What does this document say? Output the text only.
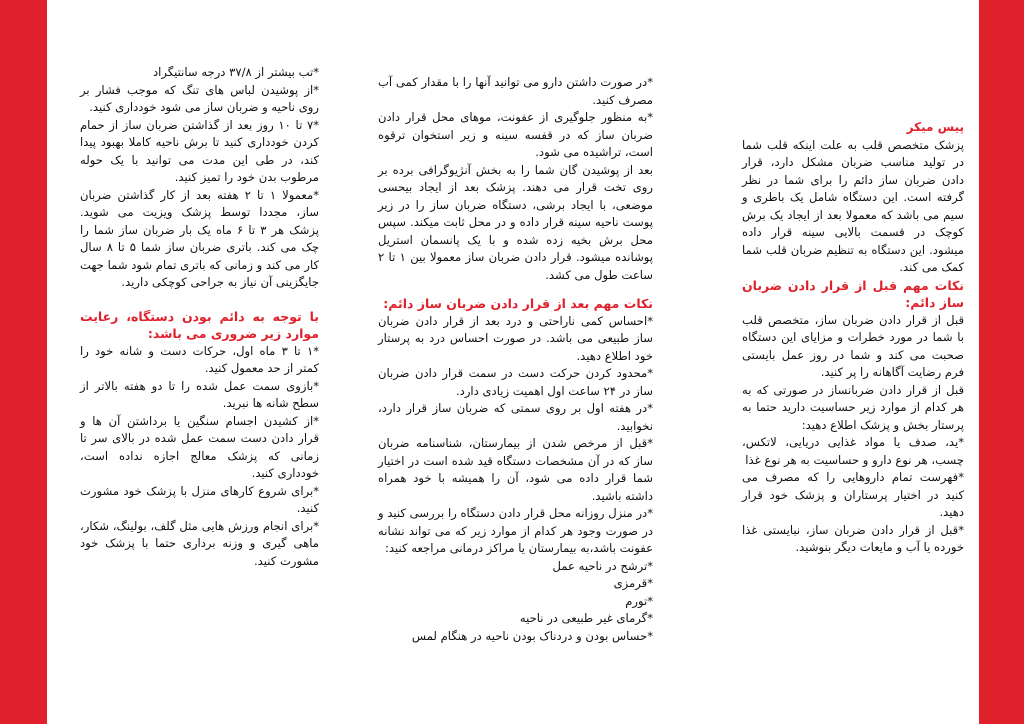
پیس میکر

پزشک متخصص قلب به علت اینکه قلب شما در تولید مناسب ضربان مشکل دارد، قرار دادن ضربان ساز دائم را برای شما در نظر گرفته است. این دستگاه شامل یک باطری و سیم می باشد که معمولا بعد از ایجاد یک برش کوچک در قسمت بالایی سینه قرار داده میشود. این دستگاه به تنظیم ضربان قلب شما کمک می کند.

نکات مهم قبل از قرار دادن ضربان ساز دائم:

قبل از قرار دادن ضربان ساز، متخصص قلب با شما در مورد خطرات و مزایای این دستگاه صحبت می کند و شما در روز عمل بایستی فرم رضایت آگاهانه را پر کنید.

قبل از قرار دادن ضربانساز در صورتی که به هر کدام از موارد زیر حساسیت دارید حتما به پرستار بخش و پزشک اطلاع دهید:

*ید، صدف یا مواد غذایی دریایی، لاتکس، چسب، هر نوع دارو و حساسیت به هر نوع غذا

*فهرست تمام داروهایی را که مصرف می کنید در اختیار پرستاران و پزشک خود قرار دهید.

*قبل از قرار دادن ضربان ساز، نبایستی غذا خورده یا آب و مایعات دیگر بنوشید.

*در صورت داشتن دارو می توانید آنها را با مقدار کمی آب مصرف کنید.

*به منظور جلوگیری از عفونت، موهای محل قرار دادن ضربان ساز که در قفسه سینه و زیر استخوان ترقوه است، تراشیده می شود.

بعد از پوشیدن گان شما را به بخش آنژیوگرافی برده بر روی تخت قرار می دهند. پزشک بعد از ایجاد بیحسی موضعی، با ایجاد برشی، دستگاه ضربان ساز را در زیر پوست ناحیه سینه قرار داده و در محل ثابت میکند. سپس محل برش بخیه زده شده و با یک پانسمان استریل پوشانده میشود. قرار دادن ضربان ساز معمولا بین ۱ تا ۲ ساعت طول می کشد.

نکات مهم بعد از قرار دادن ضربان ساز دائم:

*احساس کمی ناراحتی و درد بعد از قرار دادن ضربان ساز طبیعی می باشد. در صورت احساس درد به پرستار خود اطلاع دهید.

*محدود کردن حرکت دست در سمت قرار دادن ضربان ساز در ۲۴ ساعت اول اهمیت زیادی دارد.

*در هفته اول بر روی سمتی که ضربان ساز قرار دارد، نخوابید.

*قبل از مرخص شدن از بیمارستان، شناسنامه ضربان ساز که در آن مشخصات دستگاه قید شده است در اختیار شما قرار داده می شود، آن را همیشه با خود همراه داشته باشید.

*در منزل روزانه محل قرار دادن دستگاه را بررسی کنید و در صورت وجود هر کدام از موارد زیر که می تواند نشانه عفونت باشد،به بیمارستان یا مراکز درمانی مراجعه کنید:

*ترشح در ناحیه عمل

*قرمزی

*تورم

*گرمای غیر طبیعی در ناحیه

*حساس بودن و دردناک بودن ناحیه در هنگام لمس

*تب بیشتر از ۳۷/۸ درجه سانتیگراد

*از پوشیدن لباس های تنگ که موجب فشار بر روی ناحیه و ضربان ساز می شود خودداری کنید.

*۷ تا ۱۰ روز بعد از گذاشتن ضربان ساز از حمام کردن خودداری کنید تا برش ناحیه کاملا بهبود پیدا کند، در طی این مدت می توانید با یک حوله مرطوب بدن خود را تمیز کنید.

*معمولا ۱ تا ۲ هفته بعد از کار گذاشتن ضربان ساز، مجددا توسط پزشک ویزیت می شوید. پزشک هر ۳ تا ۶ ماه یک بار ضربان ساز شما را چک می کند. باتری ضربان ساز شما ۵ تا ۸ سال کار می کند و زمانی که باتری تمام شود شما جهت جایگزینی آن نیاز به جراحی کوچکی دارید.

با توجه به دائم بودن دستگاه، رعایت موارد زیر ضروری می باشد:

*۱ تا ۳ ماه اول، حرکات دست و شانه خود را کمتر از حد معمول کنید.

*بازوی سمت عمل شده را تا دو هفته بالاتر از سطح شانه ها نبرید.

*از کشیدن اجسام سنگین یا برداشتن آن ها و قرار دادن دست سمت عمل شده در بالای سر تا زمانی که پزشک معالج اجازه نداده است، خودداری کنید.

*برای شروع کارهای منزل با پزشک خود مشورت کنید.

*برای انجام ورزش هایی مثل گلف، بولینگ، شکار، ماهی گیری و وزنه برداری حتما با پزشک خود مشورت کنید.
